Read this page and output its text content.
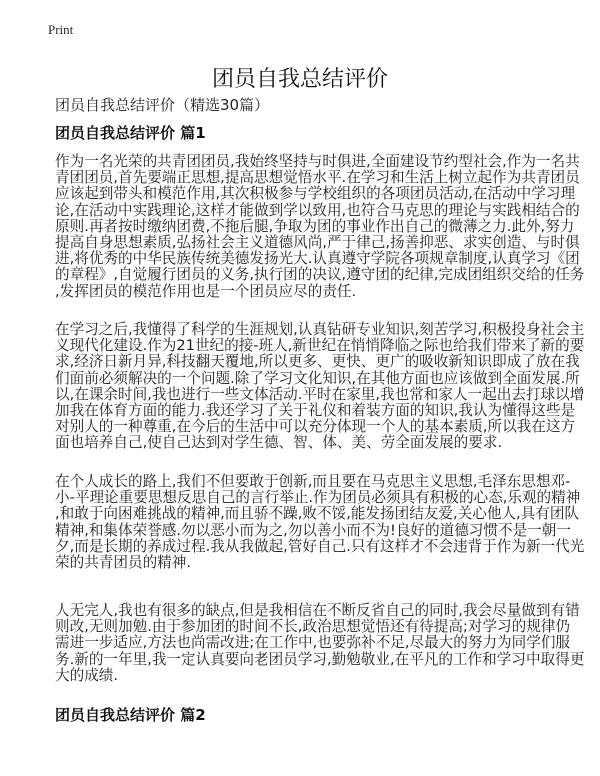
Print
团员自我总结评价
团员自我总结评价（精选30篇）
团员自我总结评价 篇1
作为一名光荣的共青团团员,我始终坚持与时俱进,全面建设节约型社会,作为一名共
青团团员,首先要端正思想,提高思想觉悟水平.在学习和生活上树立起作为共青团员
应该起到带头和模范作用,其次积极参与学校组织的各项团员活动,在活动中学习理
论,在活动中实践理论,这样才能做到学以致用,也符合马克思的理论与实践相结合的
原则.再者按时缴纳团费,不拖后腿,争取为团的事业作出自己的微薄之力.此外,努力
提高自身思想素质,弘扬社会主义道德风尚,严于律己,扬善抑恶、求实创造、与时俱
进,将优秀的中华民族传统美德发扬光大.认真遵守学院各项规章制度,认真学习《团
的章程》,自觉履行团员的义务,执行团的决议,遵守团的纪律,完成团组织交给的任务
,发挥团员的模范作用也是一个团员应尽的责任.
在学习之后,我懂得了科学的生涯规划,认真钻研专业知识,刻苦学习,积极投身社会主
义现代化建设.作为21世纪的接-班人,新世纪在悄悄降临之际也给我们带来了新的要
求,经济日新月异,科技翻天覆地,所以更多、更快、更广的吸收新知识即成了放在我
们面前必须解决的一个问题.除了学习文化知识,在其他方面也应该做到全面发展.所
以,在课余时间,我也进行一些文体活动.平时在家里,我也常和家人一起出去打球以增
加我在体育方面的能力.我还学习了关于礼仪和着装方面的知识,我认为懂得这些是
对别人的一种尊重,在今后的生活中可以充分体现一个人的基本素质,所以我在这方
面也培养自己,使自己达到对学生德、智、体、美、劳全面发展的要求.
在个人成长的路上,我们不但要敢于创新,而且要在马克思主义思想,毛泽东思想邓-
小-平理论重要思想反思自己的言行举止.作为团员必须具有积极的心态,乐观的精神
,和敢于向困难挑战的精神,而且骄不躁,败不馁,能发扬团结友爱,关心他人,具有团队
精神,和集体荣誉感.勿以恶小而为之,勿以善小而不为!良好的道德习惯不是一朝一
夕,而是长期的养成过程.我从我做起,管好自己.只有这样才不会违背于作为新一代光
荣的共青团员的精神.
人无完人,我也有很多的缺点,但是我相信在不断反省自己的同时,我会尽量做到有错
则改,无则加勉.由于参加团的时间不长,政治思想觉悟还有待提高;对学习的规律仍
需进一步适应,方法也尚需改进;在工作中,也要弥补不足,尽最大的努力为同学们服
务.新的一年里,我一定认真要向老团员学习,勤勉敬业,在平凡的工作和学习中取得更
大的成绩.
团员自我总结评价 篇2
